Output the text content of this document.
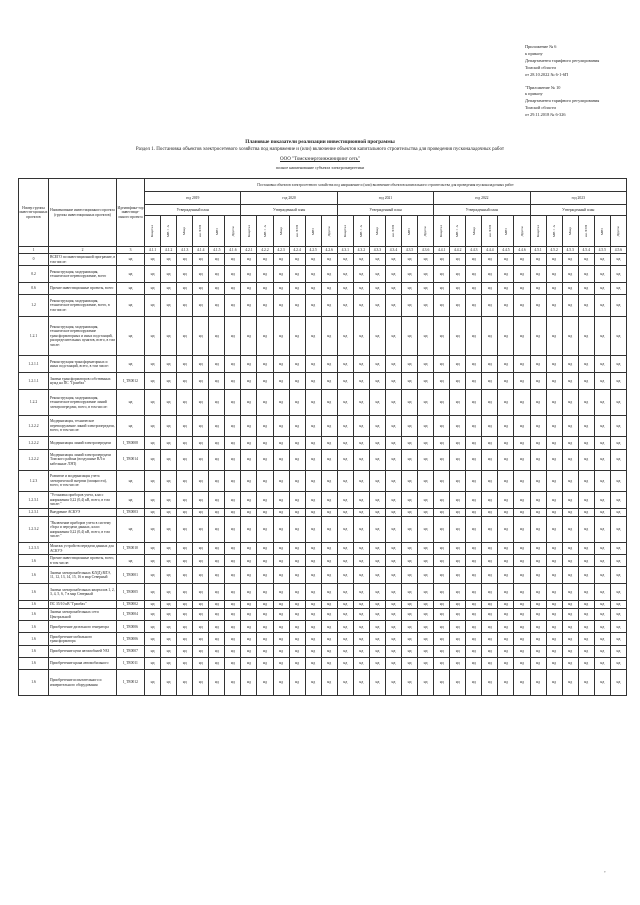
Приложение № 6
к приказу
Департамента тарифного регулирования
Томской области
от 28.10.2022 № 6-1-6П
"Приложение № 10
к приказу
Департамента тарифного регулирования
Томской области
от 29.11.2018 № 6-326
Плановые показатели реализации инвестиционной программы
Раздел 1. Постановка объектов электросетевого хозяйства под напряжение и (или) включение объектов капитального строительства для проведения пусконаладочных работ
ООО "Томскэнергоинжиниринг сеть"
полное наименование субъекта электроэнергетики
Номер группы инвести-ционных проектов	Наименование инвестиционного проекта (группы инвестиционных проектов)	Идентифика-тор инвестици-онного проекта	Постановка объектов электросетевого хозяйства под напряжение и (или) включение объектов капитального строительства для проведения пусконаладочных работ																													
			год 2019						год 2020						год 2021						год 2022						год 2023					
			Утвержденный план						Утвержденный план						Утвержденный план						Утвержденный план						Утвержденный план					

			Квартал	МВ×А	Мвар	км ЛЭП	МВт	Другое	Квартал	МВ×А	Мвар	км ЛЭП	МВт	Другое	Квартал	МВ×А	Мвар	км ЛЭП	МВт	Другое	Квартал	МВ×А	Мвар	км ЛЭП	МВт	Другое	Квартал	МВ×А	Мвар	км ЛЭП	МВт	Другое

1	2	3	4.1.1	4.1.2	4.1.3	4.1.4	4.1.5	4.1.6	4.2.1	4.2.2	4.2.3	4.2.4	4.2.5	4.2.6	4.3.1	4.3.2	4.3.3	4.3.4	4.3.5	4.3.6	4.4.1	4.4.2	4.4.3	4.4.4	4.4.5	4.4.6	4.5.1	4.5.2	4.5.3	4.5.4	4.5.5	4.5.6
0	ВСЕГО по инвестиционной программе, в том числе:	нд	нд	нд	нд	нд	нд	нд	нд	нд	нд	нд	нд	нд	нд	нд	нд	нд	нд	нд	нд	нд	нд	нд	нд	нд	нд	нд	нд	нд	нд	нд
0.2	Реконструкция, модернизация, техническое перевооружение, всего	нд	нд	нд	нд	нд	нд	нд	нд	нд	нд	нд	нд	нд	нд	нд	нд	нд	нд	нд	нд	нд	нд	нд	нд	нд	нд	нд	нд	нд	нд	нд
0.6	Прочие инвестиционные проекты, всего	нд	нд	нд	нд	нд	нд	нд	нд	нд	нд	нд	нд	нд	нд	нд	нд	нд	нд	нд	нд	нд	нд	нд	нд	нд	нд	нд	нд	нд	нд	нд
1.2	Реконструкция, модернизация, техническое перевооружение, всего, в том числе:	нд	нд	нд	нд	нд	нд	нд	нд	нд	нд	нд	нд	нд	нд	нд	нд	нд	нд	нд	нд	нд	нд	нд	нд	нд	нд	нд	нд	нд	нд	нд
1.2.1	Реконструкция, модернизация, техническое перевооружение трансформаторных и иных подстанций, распределительных пунктов, всего, в том числе:	нд	нд	нд	нд	нд	нд	нд	нд	нд	нд	нд	нд	нд	нд	нд	нд	нд	нд	нд	нд	нд	нд	нд	нд	нд	нд	нд	нд	нд	нд	нд
1.2.1.1	Реконструкция трансформаторных и иных подстанций, всего, в том числе:	нд	нд	нд	нд	нд	нд	нд	нд	нд	нд	нд	нд	нд	нд	нд	нд	нд	нд	нд	нд	нд	нд	нд	нд	нд	нд	нд	нд	нд	нд	нд
1.2.1.1	Замена трансформаторов собственных нужд на ПС "Грамбах"	I_TE0012	нд	нд	нд	нд	нд	нд	нд	нд	нд	нд	нд	нд	нд	нд	нд	нд	нд	нд	нд	нд	нд	нд	нд	нд	нд	нд	нд	нд	нд	нд
1.2.2	Реконструкция, модернизация, техническое перевооружение линий электропередачи, всего, в том числе:	нд	нд	нд	нд	нд	нд	нд	нд	нд	нд	нд	нд	нд	нд	нд	нд	нд	нд	нд	нд	нд	нд	нд	нд	нд	нд	нд	нд	нд	нд	нд
1.2.2.2	Модернизация, техническое перевооружение линий электропередачи, всего, в том числе:	нд	нд	нд	нд	нд	нд	нд	нд	нд	нд	нд	нд	нд	нд	нд	нд	нд	нд	нд	нд	нд	нд	нд	нд	нд	нд	нд	нд	нд	нд	нд
1.2.2.2	Модернизация линий электропередачи	I_TE0008	нд	нд	нд	нд	нд	нд	нд	нд	нд	нд	нд	нд	нд	нд	нд	нд	нд	нд	нд	нд	нд	нд	нд	нд	нд	нд	нд	нд	нд	нд
1.2.2.2	Модернизация линий электропередачи Томского района (воздушные ВЛ и кабельные ЛЭП)	I_TE0014	нд	нд	нд	нд	нд	нд	нд	нд	нд	нд	нд	нд	нд	нд	нд	нд	нд	нд	нд	нд	нд	нд	нд	нд	нд	нд	нд	нд	нд	нд
1.2.3	Развитие и модернизация учета электрической энергии (мощности), всего, в том числе:	нд	нд	нд	нд	нд	нд	нд	нд	нд	нд	нд	нд	нд	нд	нд	нд	нд	нд	нд	нд	нд	нд	нд	нд	нд	нд	нд	нд	нд	нд	нд
1.2.3.1	"Установка приборов учета, класс напряжения 0,22 (0,4) кВ, всего, в том числе:"	нд	нд	нд	нд	нд	нд	нд	нд	нд	нд	нд	нд	нд	нд	нд	нд	нд	нд	нд	нд	нд	нд	нд	нд	нд	нд	нд	нд	нд	нд	нд
1.2.3.1	Внедрение АСКУЭ	I_TE0003	нд	нд	нд	нд	нд	нд	нд	нд	нд	нд	нд	нд	нд	нд	нд	нд	нд	нд	нд	нд	нд	нд	нд	нд	нд	нд	нд	нд	нд	нд
1.2.3.2	"Включение приборов учета в систему сбора и передачи данных, класс напряжения 0,22 (0,4) кВ, всего, в том числе:"	нд	нд	нд	нд	нд	нд	нд	нд	нд	нд	нд	нд	нд	нд	нд	нд	нд	нд	нд	нд	нд	нд	нд	нд	нд	нд	нд	нд	нд	нд	нд
1.2.3.3	Монтаж устройств передачи данных для АСКУЭ	I_TE0010	нд	нд	нд	нд	нд	нд	нд	нд	нд	нд	нд	нд	нд	нд	нд	нд	нд	нд	нд	нд	нд	нд	нд	нд	нд	нд	нд	нд	нд	нд
1.6	Прочие инвестиционные проекты, всего, в том числе:	нд	нд	нд	нд	нд	нд	нд	нд	нд	нд	нд	нд	нд	нд	нд	нд	нд	нд	нд	нд	нд	нд	нд	нд	нд	нд	нд	нд	нд	нд	нд
1.6	Замена электрокабельных КЛ(Д) ВЛЭ, 11, 12, 13, 14, 15, 16 в мкр Северный	I_TE0001	нд	нд	нд	нд	нд	нд	нд	нд	нд	нд	нд	нд	нд	нд	нд	нд	нд	нд	нд	нд	нд	нд	нд	нд	нд	нд	нд	нд	нд	нд
1.6	Замена электрокабельных кварталов 1, 2, 3, 4, 5, 6, 7 в мкр Северный	I_TE0005	нд	нд	нд	нд	нд	нд	нд	нд	нд	нд	нд	нд	нд	нд	нд	нд	нд	нд	нд	нд	нд	нд	нд	нд	нд	нд	нд	нд	нд	нд
1.6	ПС 35/10 кВ "Грамбах"	I_TE0002	нд	нд	нд	нд	нд	нд	нд	нд	нд	нд	нд	нд	нд	нд	нд	нд	нд	нд	нд	нд	нд	нд	нд	нд	нд	нд	нд	нд	нд	нд
1.6	Замена электрокабельных сети Центральной	I_TE0004	нд	нд	нд	нд	нд	нд	нд	нд	нд	нд	нд	нд	нд	нд	нд	нд	нд	нд	нд	нд	нд	нд	нд	нд	нд	нд	нд	нд	нд	нд
1.6	Приобретение дизельного генератора	I_TE0006	нд	нд	нд	нд	нд	нд	нд	нд	нд	нд	нд	нд	нд	нд	нд	нд	нд	нд	нд	нд	нд	нд	нд	нд	нд	нд	нд	нд	нд	нд
1.6	Приобретение мобильного трансформатора	I_TE0006	нд	нд	нд	нд	нд	нд	нд	нд	нд	нд	нд	нд	нд	нд	нд	нд	нд	нд	нд	нд	нд	нд	нд	нд	нд	нд	нд	нд	нд	нд
1.6	Приобретение цепи автомобилей УАЗ	I_TE0007	нд	нд	нд	нд	нд	нд	нд	нд	нд	нд	нд	нд	нд	нд	нд	нд	нд	нд	нд	нд	нд	нд	нд	нд	нд	нд	нд	нд	нд	нд
1.6	Приобретение крана автомобильного	I_TE0011	нд	нд	нд	нд	нд	нд	нд	нд	нд	нд	нд	нд	нд	нд	нд	нд	нд	нд	нд	нд	нд	нд	нд	нд	нд	нд	нд	нд	нд	нд
1.6	Приобретение испытательного и измерительного оборудования	I_TE0012	нд	нд	нд	нд	нд	нд	нд	нд	нд	нд	нд	нд	нд	нд	нд	нд	нд	нд	нд	нд	нд	нд	нд	нд	нд	нд	нд	нд	нд	нд
°
